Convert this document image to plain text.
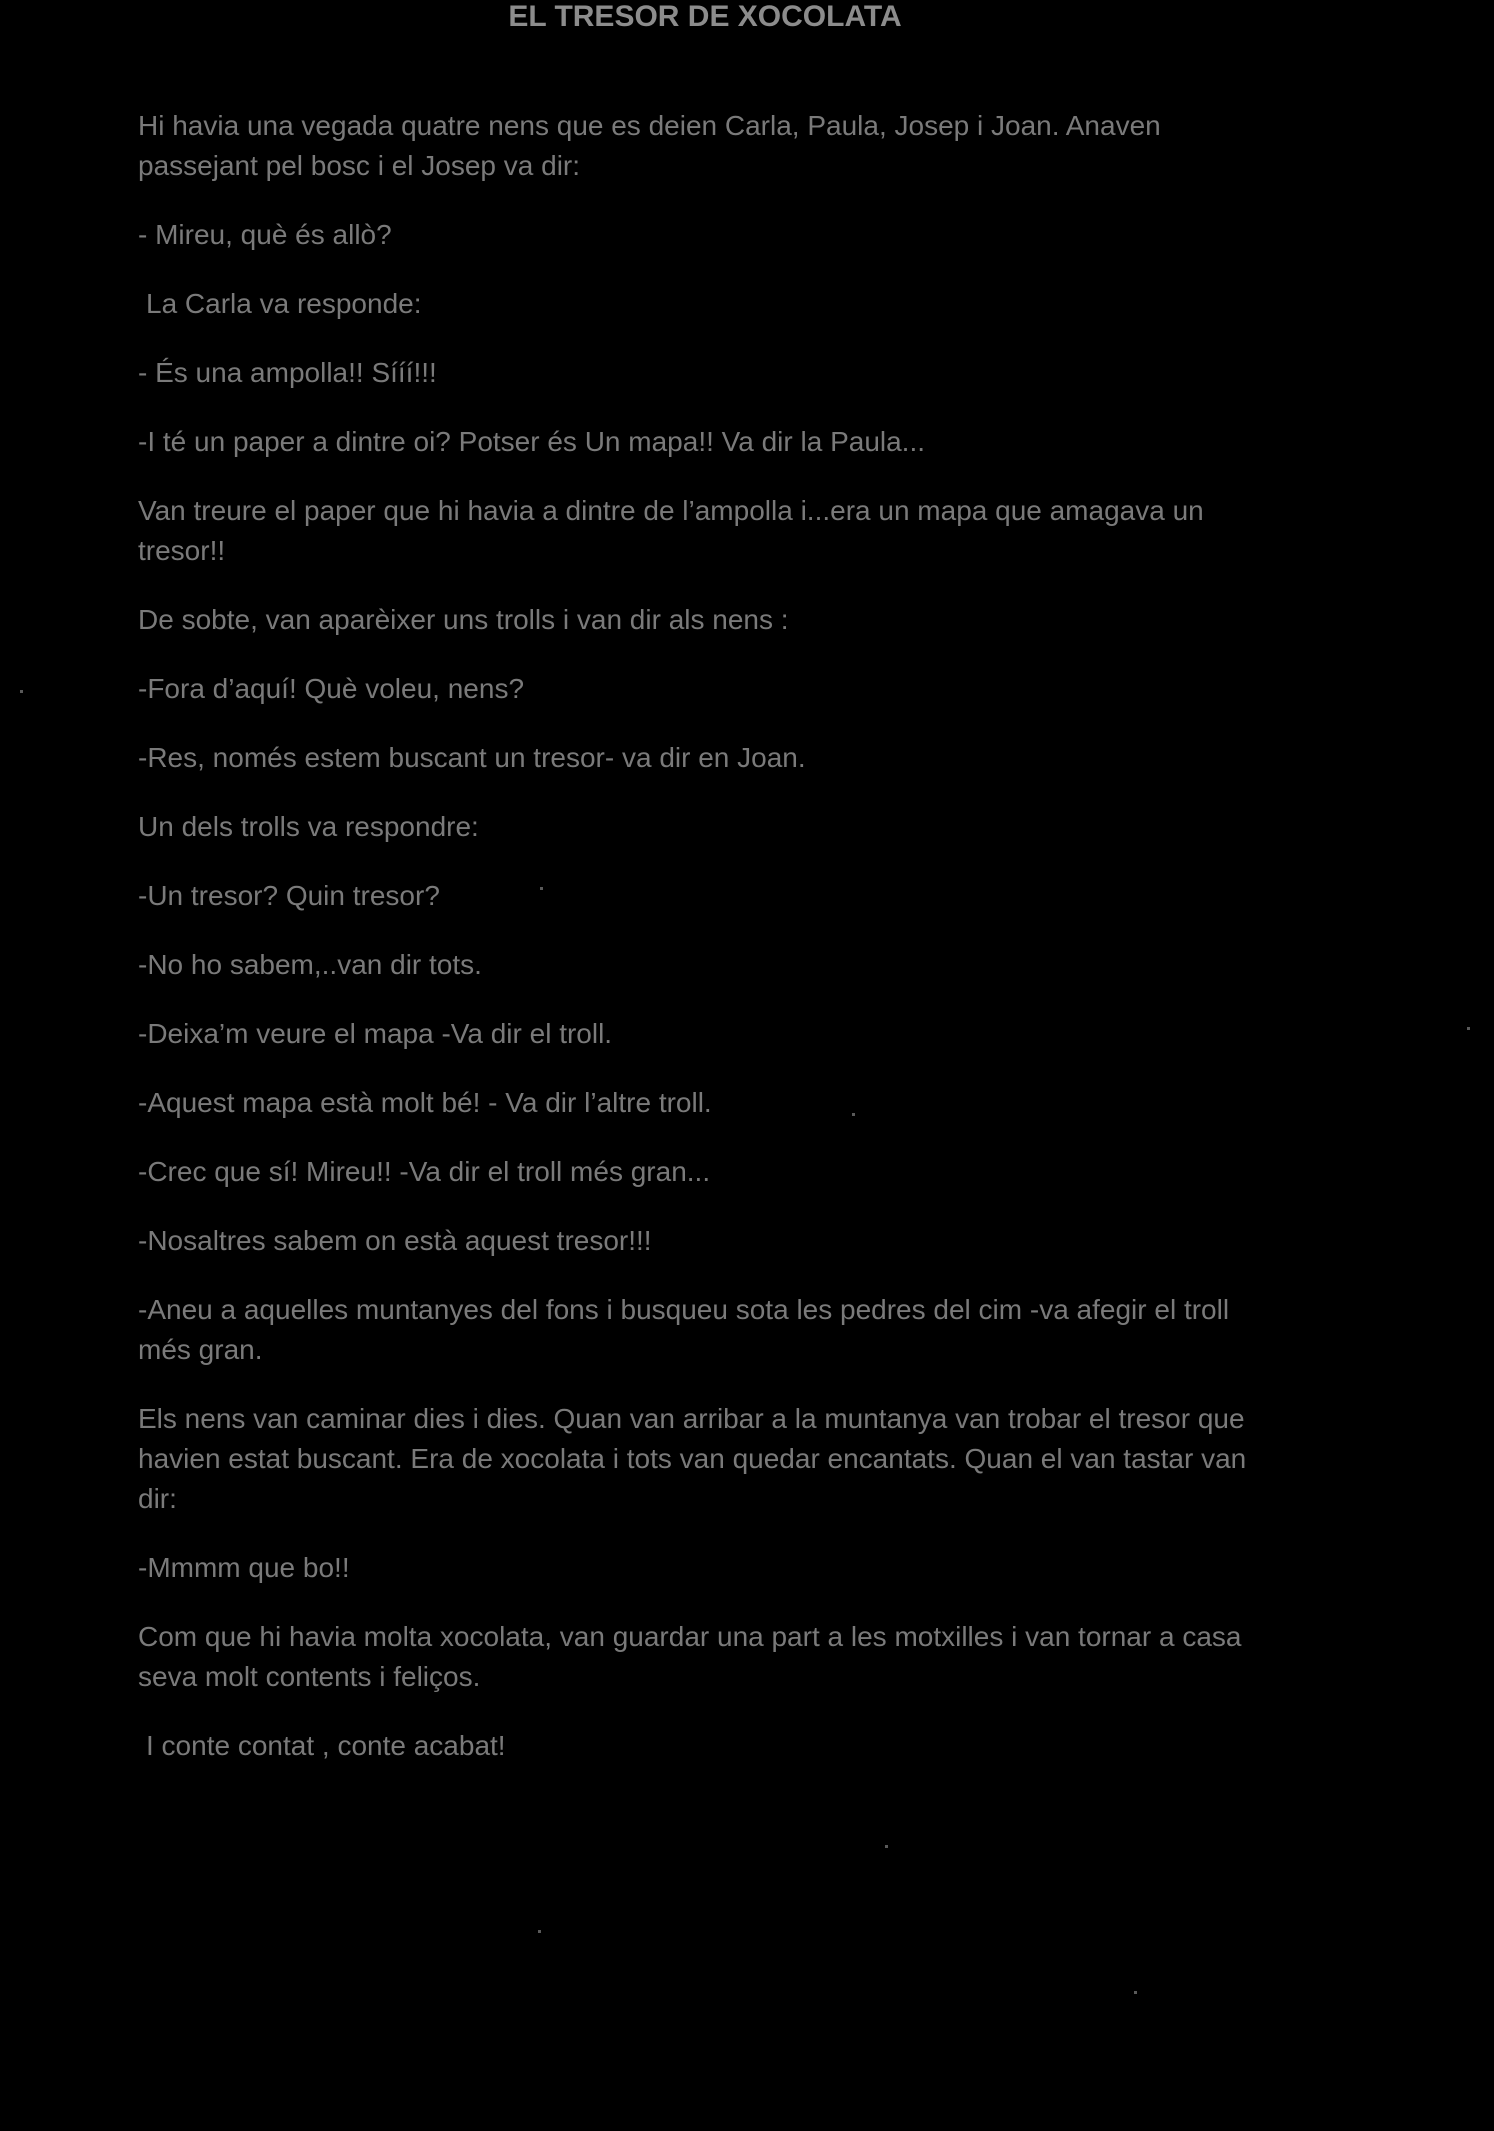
EL TRESOR DE XOCOLATA

Hi havia una vegada quatre nens que es deien Carla, Paula, Josep i Joan. Anaven passejant pel bosc i el Josep va dir:

- Mireu, què és allò?

La Carla va responde:

- És una ampolla!! Sííí!!!

-I té un paper a dintre oi? Potser és Un mapa!! Va dir la Paula...

Van treure el paper que hi havia a dintre de l’ampolla i...era un mapa que amagava un tresor!!

De sobte, van aparèixer uns trolls i van dir als nens :

-Fora d’aquí! Què voleu, nens?

-Res, només estem buscant un tresor- va dir en Joan.

Un dels trolls va respondre:

-Un tresor? Quin tresor?

-No ho sabem,..van dir tots.

-Deixa’m veure el mapa -Va dir el troll.

-Aquest mapa està molt bé! - Va dir l’altre troll.

-Crec que sí! Mireu!! -Va dir el troll més gran...

-Nosaltres sabem on està aquest tresor!!!

-Aneu a aquelles muntanyes del fons i busqueu sota les pedres del cim -va afegir el troll més gran.

Els nens van caminar dies i dies. Quan van arribar a la muntanya van trobar el tresor que havien estat buscant. Era de xocolata i tots van quedar encantats. Quan el van tastar van dir:

-Mmmm que bo!!

Com que hi havia molta xocolata, van guardar una part a les motxilles i van tornar a casa seva molt contents i feliços.

I conte contat , conte acabat!
